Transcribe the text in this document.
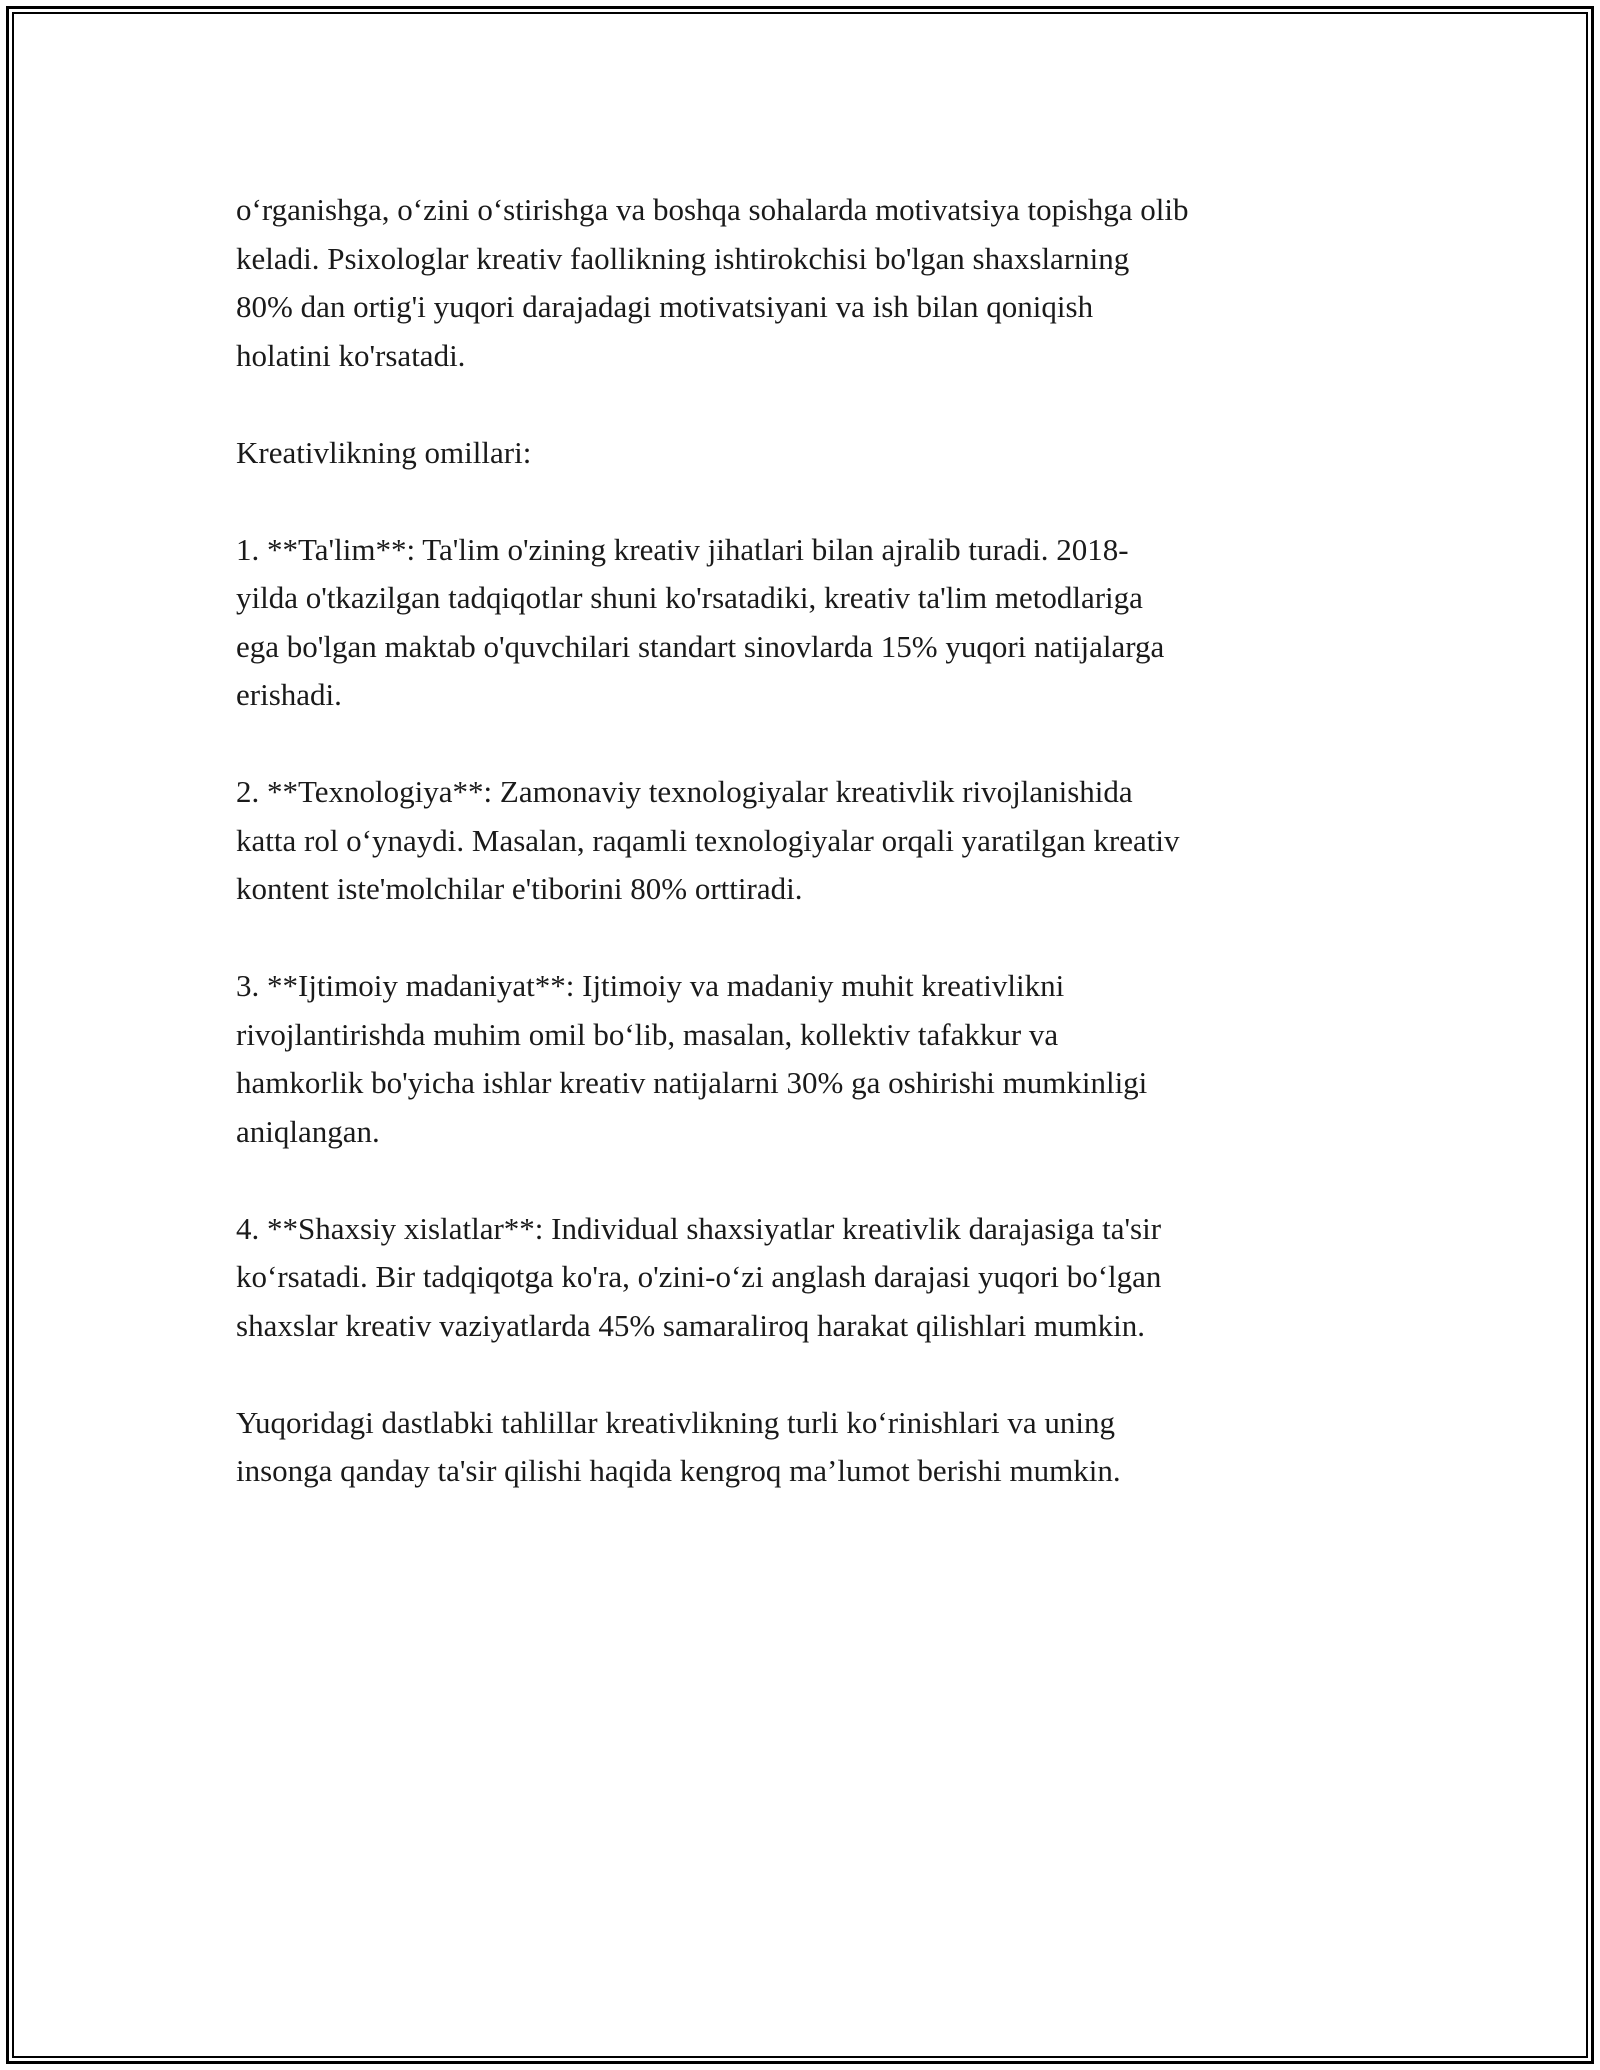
o‘rganishga, o‘zini o‘stirishga va boshqa sohalarda motivatsiya topishga olib
keladi. Psixologlar kreativ faollikning ishtirokchisi bo'lgan shaxslarning
80% dan ortig'i yuqori darajadagi motivatsiyani va ish bilan qoniqish
holatini ko'rsatadi.

Kreativlikning omillari:

1. **Ta'lim**: Ta'lim o'zining kreativ jihatlari bilan ajralib turadi. 2018-
yilda o'tkazilgan tadqiqotlar shuni ko'rsatadiki, kreativ ta'lim metodlariga
ega bo'lgan maktab o'quvchilari standart sinovlarda 15% yuqori natijalarga
erishadi.

2. **Texnologiya**: Zamonaviy texnologiyalar kreativlik rivojlanishida
katta rol o‘ynaydi. Masalan, raqamli texnologiyalar orqali yaratilgan kreativ
kontent iste'molchilar e'tiborini 80% orttiradi.

3. **Ijtimoiy madaniyat**: Ijtimoiy va madaniy muhit kreativlikni
rivojlantirishda muhim omil bo‘lib, masalan, kollektiv tafakkur va
hamkorlik bo'yicha ishlar kreativ natijalarni 30% ga oshirishi mumkinligi
aniqlangan.

4. **Shaxsiy xislatlar**: Individual shaxsiyatlar kreativlik darajasiga ta'sir
ko‘rsatadi. Bir tadqiqotga ko'ra, o'zini-o‘zi anglash darajasi yuqori bo‘lgan
shaxslar kreativ vaziyatlarda 45% samaraliroq harakat qilishlari mumkin.

Yuqoridagi dastlabki tahlillar kreativlikning turli ko‘rinishlari va uning
insonga qanday ta'sir qilishi haqida kengroq ma’lumot berishi mumkin.
